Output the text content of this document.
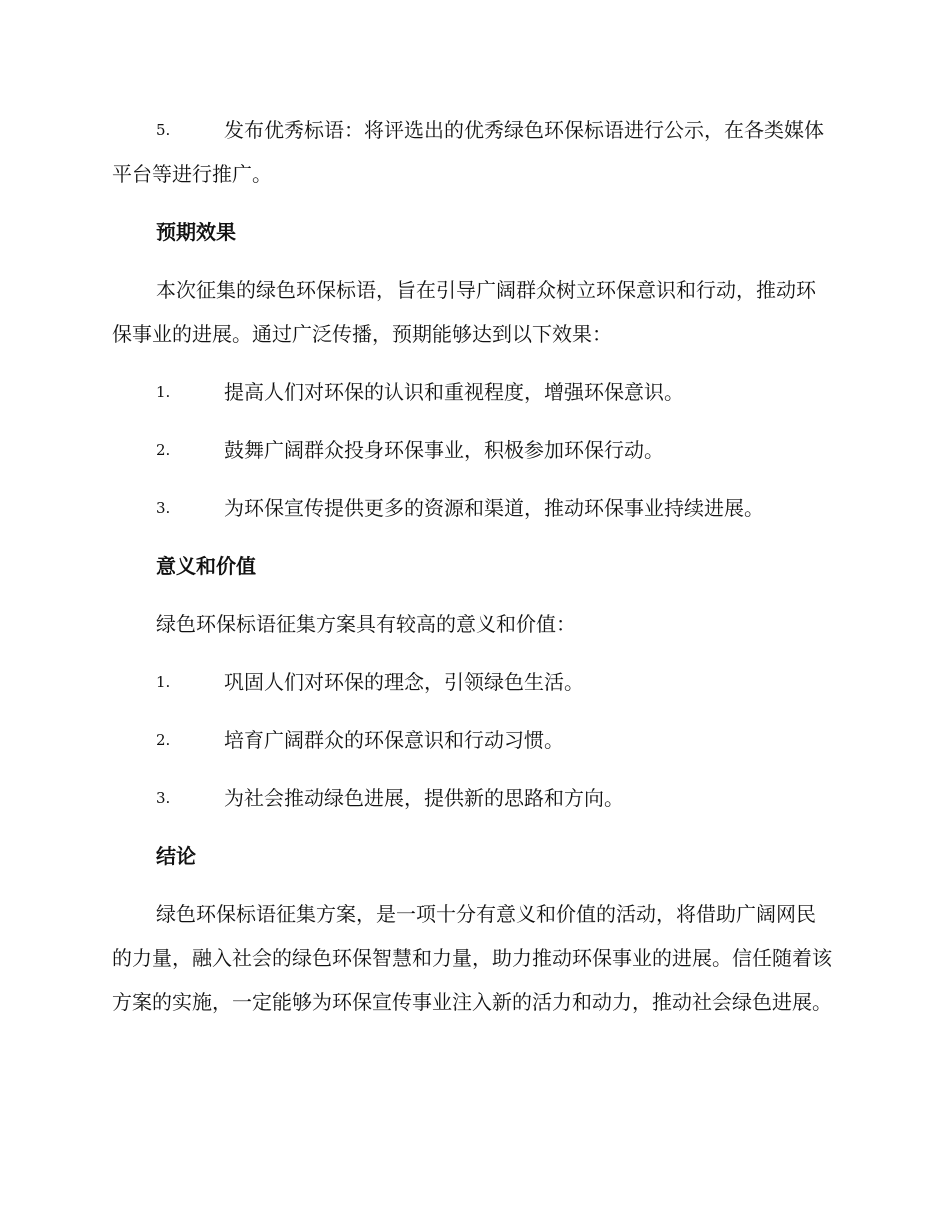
5.	发布优秀标语：将评选出的优秀绿色环保标语进行公示，在各类媒体平台等进行推广。
预期效果

本次征集的绿色环保标语，旨在引导广阔群众树立环保意识和行动，推动环保事业的进展。通过广泛传播，预期能够达到以下效果：

1.	提高人们对环保的认识和重视程度，增强环保意识。
2.	鼓舞广阔群众投身环保事业，积极参加环保行动。
3.	为环保宣传提供更多的资源和渠道，推动环保事业持续进展。
意义和价值

绿色环保标语征集方案具有较高的意义和价值：

1.	巩固人们对环保的理念，引领绿色生活。
2.	培育广阔群众的环保意识和行动习惯。
3.	为社会推动绿色进展，提供新的思路和方向。
结论

绿色环保标语征集方案，是一项十分有意义和价值的活动，将借助广阔网民的力量，融入社会的绿色环保智慧和力量，助力推动环保事业的进展。信任随着该方案的实施，一定能够为环保宣传事业注入新的活力和动力，推动社会绿色进展。
